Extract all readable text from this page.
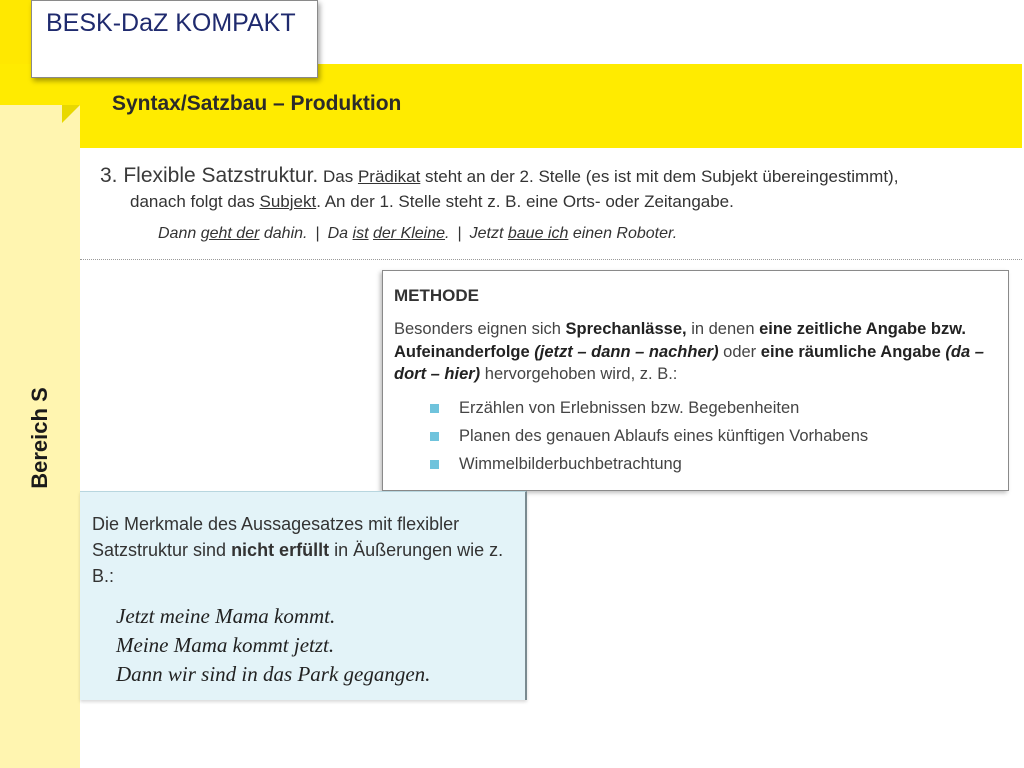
Bereich S
BESK-DaZ KOMPAKT
Syntax/Satzbau – Produktion
3. Flexible Satzstruktur. Das Prädikat steht an der 2. Stelle (es ist mit dem Subjekt übereingestimmt),
danach folgt das Subjekt. An der 1. Stelle steht z. B. eine Orts- oder Zeitangabe.
Dann geht der dahin. | Da ist der Kleine. | Jetzt baue ich einen Roboter.
METHODE
Besonders eignen sich Sprechanlässe, in denen eine zeitliche Angabe bzw. Aufeinanderfolge (jetzt – dann – nachher) oder eine räumliche Angabe (da – dort – hier) hervorgehoben wird, z. B.:
Erzählen von Erlebnissen bzw. Begebenheiten
Planen des genauen Ablaufs eines künftigen Vorhabens
Wimmelbilderbuchbetrachtung
Die Merkmale des Aussagesatzes mit flexibler Satzstruktur sind nicht erfüllt in Äußerungen wie z. B.:
Jetzt meine Mama kommt.
Meine Mama kommt jetzt.
Dann wir sind in das Park gegangen.
